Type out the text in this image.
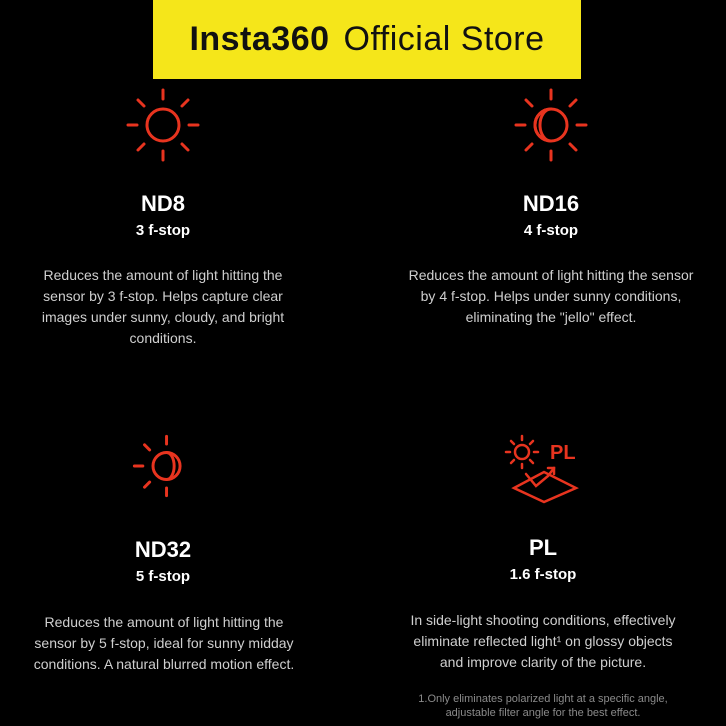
Insta360 Official Store
ND8
3 f-stop
Reduces the amount of light hitting the sensor by 3 f-stop. Helps capture clear images under sunny, cloudy, and bright conditions.
ND16
4 f-stop
Reduces the amount of light hitting the sensor by 4 f-stop. Helps under sunny conditions, eliminating the "jello" effect.
ND32
5 f-stop
Reduces the amount of light hitting the sensor by 5 f-stop, ideal for sunny midday conditions. A natural blurred motion effect.
PL
PL
1.6 f-stop
In side-light shooting conditions, effectively eliminate reflected light¹ on glossy objects and improve clarity of the picture.
1.Only eliminates polarized light at a specific angle, adjustable filter angle for the best effect.
